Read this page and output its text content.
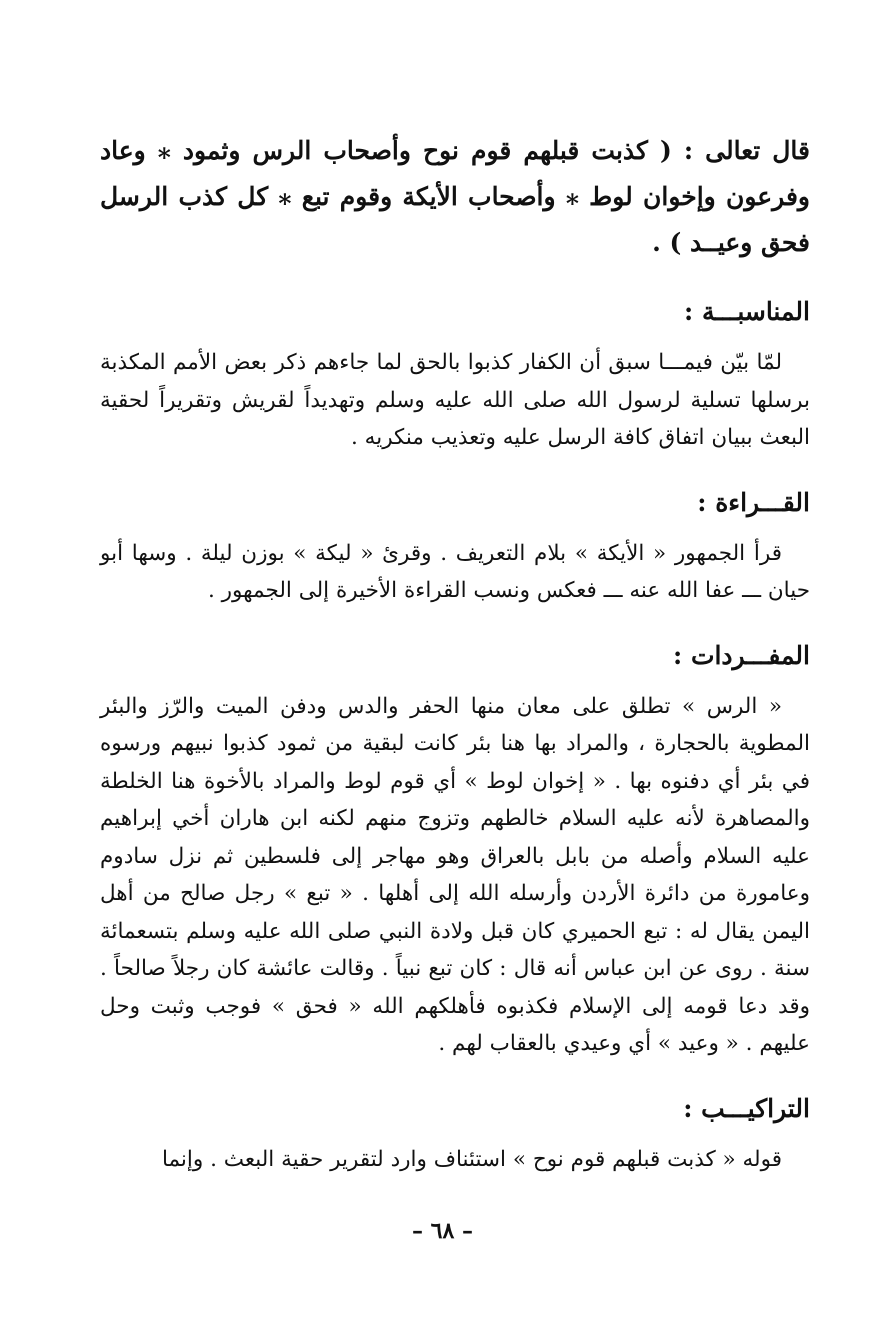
قال تعالى : ( كذبت قبلهم قوم نوح وأصحاب الرس وثمود ⁎ وعاد وفرعون وإخوان لوط ⁎ وأصحاب الأيكة وقوم تبع ⁎ كل كذب الرسل فحق وعيــد ) .

المناسبـــة :

لمّا بيّن فيمـــا سبق أن الكفار كذبوا بالحق لما جاءهم ذكر بعض الأمم المكذبة برسلها تسلية لرسول الله صلى الله عليه وسلم وتهديداً لقريش وتقريراً لحقية البعث ببيان اتفاق كافة الرسل عليه وتعذيب منكريه .

القـــراءة :

قرأ الجمهور « الأيكة » بلام التعريف . وقرئ « ليكة » بوزن ليلة . وسها أبو حيان ـــ عفا الله عنه ـــ فعكس ونسب القراءة الأخيرة إلى الجمهور .

المفـــردات :

« الرس » تطلق على معان منها الحفر والدس ودفن الميت والرّز والبئر المطوية بالحجارة ، والمراد بها هنا بئر كانت لبقية من ثمود كذبوا نبيهم ورسوه في بئر أي دفنوه بها . « إخوان لوط » أي قوم لوط والمراد بالأخوة هنا الخلطة والمصاهرة لأنه عليه السلام خالطهم وتزوج منهم لكنه ابن هاران أخي إبراهيم عليه السلام وأصله من بابل بالعراق وهو مهاجر إلى فلسطين ثم نزل سادوم وعامورة من دائرة الأردن وأرسله الله إلى أهلها . « تبع » رجل صالح من أهل اليمن يقال له : تبع الحميري كان قبل ولادة النبي صلى الله عليه وسلم بتسعمائة سنة . روى عن ابن عباس أنه قال : كان تبع نبياً . وقالت عائشة كان رجلاً صالحاً . وقد دعا قومه إلى الإسلام فكذبوه فأهلكهم الله « فحق » فوجب وثبت وحل عليهم . « وعيد » أي وعيدي بالعقاب لهم .

التراكيـــب :

قوله « كذبت قبلهم قوم نوح » استئناف وارد لتقرير حقية البعث . وإنما

– ٦٨ –
